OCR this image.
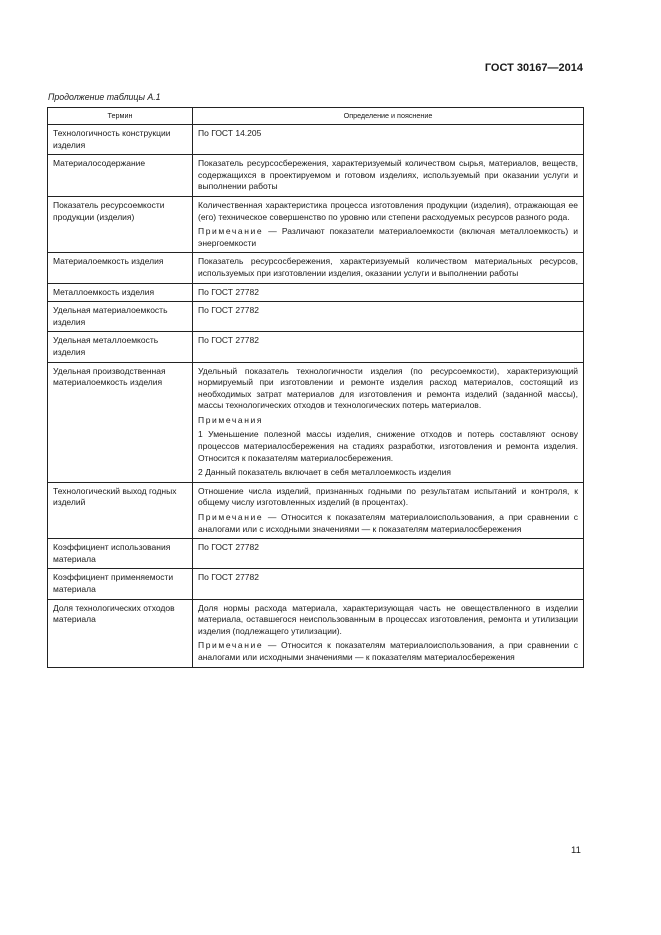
ГОСТ 30167—2014
Продолжение таблицы А.1
Термин	Определение и пояснение
Технологичность конструкции изделия	По ГОСТ 14.205

Материалосодержание	Показатель ресурсосбережения, характеризуемый количеством сырья, материалов, веществ, содержащихся в проектируемом и готовом изделиях, используемый при оказании услуги и выполнении работы

Показатель ресурсоемкости продукции (изделия)	Количественная характеристика процесса изготовления продукции (изделия), отражающая ее (его) техническое совершенство по уровню или степени расходуемых ресурсов разного рода.

Примечание — Различают показатели материалоемкости (включая металлоемкость) и энергоемкости

Материалоемкость изделия	Показатель ресурсосбережения, характеризуемый количеством материальных ресурсов, используемых при изготовлении изделия, оказании услуги и выполнении работы

Металлоемкость изделия	По ГОСТ 27782

Удельная материалоемкость изделия	По ГОСТ 27782

Удельная металлоемкость изделия	По ГОСТ 27782

Удельная производственная материалоемкость изделия	Удельный показатель технологичности изделия (по ресурсоемкости), характеризующий нормируемый при изготовлении и ремонте изделия расход материалов, состоящий из необходимых затрат материалов для изготовления и ремонта изделий (заданной массы), массы технологических отходов и технологических потерь материалов.

Примечания

1 Уменьшение полезной массы изделия, снижение отходов и потерь составляют основу процессов материалосбережения на стадиях разработки, изготовления и ремонта изделия. Относится к показателям материалосбережения.

2 Данный показатель включает в себя металлоемкость изделия

Технологический выход годных изделий	Отношение числа изделий, признанных годными по результатам испытаний и контроля, к общему числу изготовленных изделий (в процентах).

Примечание — Относится к показателям материалоиспользования, а при сравнении с аналогами или с исходными значениями — к показателям материалосбережения

Коэффициент использования материала	По ГОСТ 27782

Коэффициент применяемости материала	По ГОСТ 27782

Доля технологических отходов материала	Доля нормы расхода материала, характеризующая часть не овеществленного в изделии материала, оставшегося неиспользованным в процессах изготовления, ремонта и утилизации изделия (подлежащего утилизации).

Примечание — Относится к показателям материалоиспользования, а при сравнении с аналогами или исходными значениями — к показателям материалосбережения

11
